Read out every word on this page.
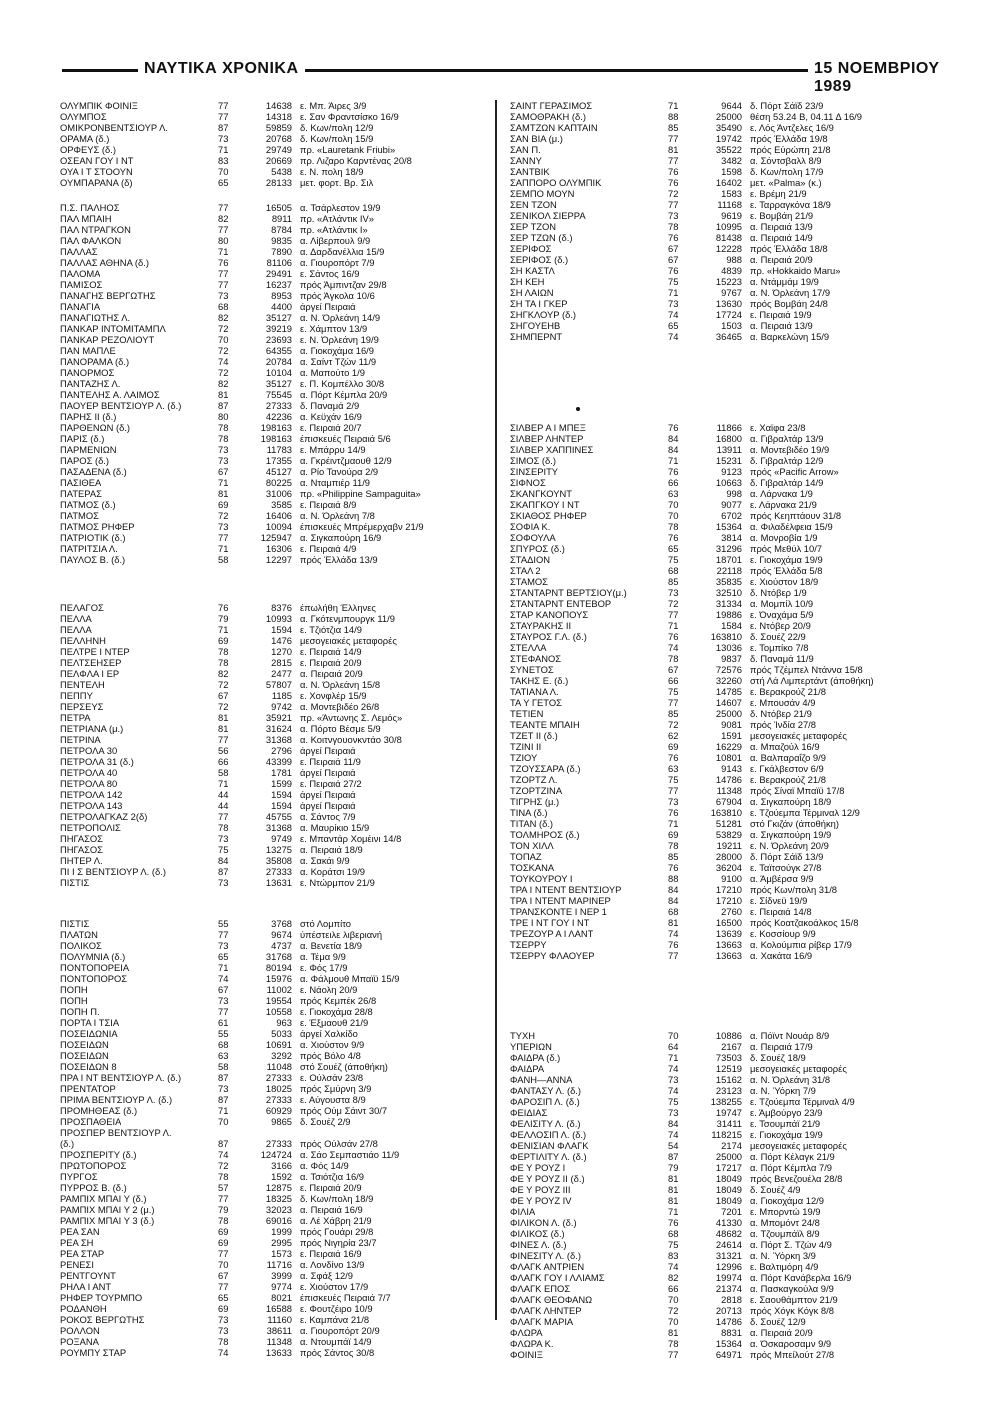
ΝΑΥΤΙΚΑ ΧΡΟΝΙΚΑ	15 ΝΟΕΜΒΡΙΟΥ 1989
ΟΛΥΜΠΙΚ ΦΟΙΝΙΞ	77	14638 ε. Μπ. Άιρες 3/9
ΟΛΥΜΠΟΣ	77	14318 ε. Σαν Φραντσίσκο 16/9
ΟΜΙΚΡΟΝΒΕΝΤΣΙΟΥΡ Λ.	87	59859 δ. Κων/πολη 12/9
ΟΡΑΜΑ (δ.)	73	20768 δ. Κων/πολη 15/9
ΟΡΦΕΥΣ (δ.)	71	29749 πρ. «Lauretank Friubi»
ΟΣΕΑΝ ΓΟΥ Ι ΝΤ	83	20669 πρ. Λιζαρο Καρντένας 20/8
ΟΥΑ Ι Τ ΣΤΟΟΥΝ	70	5438 ε. Ν. πολη 18/9
ΟΥΜΠΑΡΑΝΑ (δ)	65	28133 μετ. φορτ. Βρ. Σιλ
Π.Σ. ΠΑΛΗΟΣ	77	16505 α. Τσάρλεστον 19/9
ΠΑΛ ΜΠΑΙΗ	82	8911 πρ. «Ατλάντικ IV»
ΠΑΛ ΝΤΡΑΓΚΟΝ	77	8784 πρ. «Ατλάντικ I»
ΠΑΛ ΦΑΛΚΟΝ	80	9835 α. Λίβερπουλ 9/9
ΠΑΛΛΑΣ	71	7890 α. Δαρδανέλλια 15/9
ΠΑΛΛΑΣ ΑΘΗΝΑ (δ.)	76	81106 α. Γιουροπόρτ 7/9
ΠΑΛΟΜΑ	77	29491 ε. Σάντος 16/9
ΠΑΜΙΣΟΣ	77	16237 πρός Άμπιντζαν 29/8
ΠΑΝΑΓΗΣ ΒΕΡΓΩΤΗΣ	73	8953 πρός Άγκολα 10/6
ΠΑΝΑΓΙΑ	68	4400 άργεί Πειραιά
ΠΑΝΑΓΙΩΤΗΣ Λ.	82	35127 α. Ν. Όρλεάνη 14/9
ΠΑΝΚΑΡ ΙΝΤΟΜΙΤΑΜΠΛ	72	39219 ε. Χάμπτον 13/9
ΠΑΝΚΑΡ ΡΕΖΟΛΙΟΥΤ	70	23693 ε. Ν. Όρλεάνη 19/9
ΠΑΝ ΜΑΠΛΕ	72	64355 α. Γιοκοχάμα 16/9
ΠΑΝΟΡΑΜΑ (δ.)	74	20784 α. Σαίντ Τζών 11/9
ΠΑΝΟΡΜΟΣ	72	10104 α. Μαπούτο 1/9
ΠΑΝΤΑΖΗΣ Λ.	82	35127 ε. Π. Κομπέλλο 30/8
ΠΑΝΤΕΛΗΣ Α. ΛΑΙΜΟΣ	81	75545 α. Πόρτ Κέμπλα 20/9
ΠΑΟΥΕΡ ΒΕΝΤΣΙΟΥΡ Λ. (δ.)	87	27333 δ. Παναμά 2/9
ΠΑΡΗΣ ΙΙ (δ.)	80	42236 α. Κεϋχάν 16/9
ΠΑΡΘΕΝΩΝ (δ.)	78	198163 ε. Πειραιά 20/7
ΠΑΡΙΣ (δ.)	78	198163 έπισκευές Πειραιά 5/6
ΠΑΡΜΕΝΙΩΝ	73	11783 ε. Μπάρρυ 14/9
ΠΑΡΟΣ (δ.)	73	17355 α. Γκρέιντζμαουθ 12/9
ΠΑΣΑΔΕΝΑ (δ.)	67	45127 α. Ρίο Τανούρα 2/9
ΠΑΣΙΘΕΑ	71	80225 α. Νταμπιέρ 11/9
ΠΑΤΕΡΑΣ	81	31006 πρ. «Philippine Sampaguita»
ΠΑΤΜΟΣ (δ.)	69	3585 ε. Πειραιά 8/9
ΠΑΤΜΟΣ	72	16406 α. Ν. Όρλεάνη 7/8
ΠΑΤΜΟΣ ΡΗΦΕΡ	73	10094 έπισκευές Μπρέμερχαβν 21/9
ΠΑΤΡΙΟΤΙΚ (δ.)	77	125947 α. Σιγκαπούρη 16/9
ΠΑΤΡΙΤΣΙΑ Λ.	71	16306 ε. Πειραιά 4/9
ΠΑΥΛΟΣ Β. (δ.)	58	12297 πρός Έλλάδα 13/9
ΠΕΛΑΓΟΣ	76	8376 έπωλήθη Έλληνες
ΠΕΛΛΑ	79	10993 α. Γκότενμπουργκ 11/9
ΠΕΛΛΑ	71	1594 ε. Τζιότζια 14/9
ΠΕΛΛΗΝΗ	69	1476 μεσογειακές μεταφορές
ΠΕΛΤΡΕ Ι ΝΤΕΡ	78	1270 ε. Πειραιά 14/9
ΠΕΛΤΣΕΗΣΕΡ	78	2815 ε. Πειραιά 20/9
ΠΕΛΦΛΑ Ι ΕΡ	82	2477 α. Πειραιά 20/9
ΠΕΝΤΕΛΗ	72	57807 α. Ν. Όρλεάνη 15/8
ΠΕΠΠΥ	67	1185 ε. Χονφλέρ 15/9
ΠΕΡΣΕΥΣ	72	9742 α. Μοντεβιδέο 26/8
ΠΕΤΡΑ	81	35921 πρ. «Άντωνης Σ. Λεμός»
ΠΕΤΡΙΑΝΑ (μ.)	81	31624 α. Πόρτο Βέσμε 5/9
ΠΕΤΡΙΝΑ	77	31368 α. Κοιτνγουονκντάο 30/8
ΠΕΤΡΟΛΑ 30	56	2796 άργεί Πειραιά
ΠΕΤΡΟΛΑ 31 (δ.)	66	43399 ε. Πειραιά 11/9
ΠΕΤΡΟΛΑ 40	58	1781 άργεί Πειραιά
ΠΕΤΡΟΛΑ 80	71	1599 ε. Πειραιά 27/2
ΠΕΤΡΟΛΑ 142	44	1594 άργεί Πειραιά
ΠΕΤΡΟΛΑ 143	44	1594 άργεί Πειραιά
ΠΕΤΡΟΛΑΓΚΑΖ 2(δ)	77	45755 α. Σάντος 7/9
ΠΕΤΡΟΠΟΛΙΣ	78	31368 α. Μαυρίκιο 15/9
ΠΗΓΑΣΟΣ	73	9749 ε. Μπαντάρ Χομέινι 14/8
ΠΗΓΑΣΟΣ	75	13275 α. Πειραιά 18/9
ΠΗΤΕΡ Λ.	84	35808 α. Σακάι 9/9
ΠΙ Ι Σ ΒΕΝΤΣΙΟΥΡ Λ. (δ.)	87	27333 α. Κοράτσι 19/9
ΠΙΣΤΙΣ	73	13631 ε. Ντώρμπον 21/9
ΠΙΣΤΙΣ	55	3768 στό Λομπίτο
ΠΛΑΤΩΝ	77	9674 ύπέστειλε λιβεριανή
ΠΟΛΙΚΟΣ	73	4737 α. Βενετία 18/9
ΠΟΛΥΜΝΙΑ (δ.)	65	31768 α. Τέμα 9/9
ΠΟΝΤΟΠΟΡΕΙΑ	71	80194 ε. Φός 17/9
ΠΟΝΤΟΠΟΡΟΣ	74	15976 α. Φάλμουθ Μπαϊϋ 15/9
ΠΟΠΗ	67	11002 ε. Νάολη 20/9
ΠΟΠΗ	73	19554 πρός Κεμπέκ 26/8
ΠΟΠΗ Π.	77	10558 ε. Γιοκοχάμα 28/8
ΠΟΡΤΑ Ι ΤΣΙΑ	61	963 ε. Έξμαουθ 21/9
ΠΟΣΕΙΔΩΝΙΑ	55	5033 άργεί Χαλκίδο
ΠΟΣΕΙΔΩΝ	68	10691 α. Χιούστον 9/9
ΠΟΣΕΙΔΩΝ	63	3292 πρός Βόλο 4/8
ΠΟΣΕΙΔΩΝ 8	58	11048 στό Σουέζ (άποθήκη)
ΠΡΑ Ι ΝΤ ΒΕΝΤΣΙΟΥΡ Λ. (δ.)	87	27333 ε. Ούλσάν 23/8
ΠΡΕΝΤΑΤΟΡ	73	18025 πρός Σμύρνη 3/9
ΠΡΙΜΑ ΒΕΝΤΣΙΟΥΡ Λ. (δ.)	87	27333 ε. Αύγουστα 8/9
ΠΡΟΜΗΘΕΑΣ (δ.)	71	60929 πρός Ούμ Σάιντ 30/7
ΠΡΟΣΠΑΘΕΙΑ	70	9865 δ. Σουέζ 2/9
ΠΡΟΣΠΕΡ ΒΕΝΤΣΙΟΥΡ Λ.
(δ.)	87	27333 πρός Ούλσάν 27/8
ΠΡΟΣΠΕΡΙΤΥ (δ.)	74	124724 α. Σάο Σεμπαστιάο 11/9
ΠΡΩΤΟΠΟΡΟΣ	72	3166 α. Φός 14/9
ΠΥΡΓΟΣ	78	1592 α. Τσιότζια 16/9
ΠΥΡΡΟΣ Β. (δ.)	57	12875 ε. Πειραιά 20/9
ΡΑΜΠΙΧ ΜΠΑΙ Υ (δ.)	77	18325 δ. Κων/πολη 18/9
ΡΑΜΠΙΧ ΜΠΑΙ Υ 2 (μ.)	79	32023 α. Πειραιά 16/9
ΡΑΜΠΙΧ ΜΠΑΙ Υ 3 (δ.)	78	69016 α. Λέ Χάβρη 21/9
ΡΕΑ ΣΑΝ	69	1999 πρός Γουάρι 29/8
ΡΕΑ ΣΗ	69	2995 πρός Νιγηρία 23/7
ΡΕΑ ΣΤΑΡ	77	1573 ε. Πειραιά 16/9
ΡΕΝΕΣΙ	70	11716 α. Λονδίνο 13/9
ΡΕΝΤΓΟΥΝΤ	67	3999 α. Σφάξ 12/9
ΡΗΛΑ Ι ΑΝΤ	77	9774 ε. Χιούστον 17/9
ΡΗΦΕΡ ΤΟΥΡΜΠΟ	65	8021 έπισκευές Πειραιά 7/7
ΡΟΔΑΝΘΗ	69	16588 ε. Φουτζέιρο 10/9
ΡΟΚΟΣ ΒΕΡΓΩΤΗΣ	73	11160 ε. Καμπάνα 21/8
ΡΟΛΛΟΝ	73	38611 α. Γιουροπόρτ 20/9
ΡΟΞΑΝΑ	78	11348 α. Ντουμπάϊ 14/9
ΡΟΥΜΠΥ ΣΤΑΡ	74	13633 πρός Σάντος 30/8
ΣΑΙΝΤ ΓΕΡΑΣΙΜΟΣ	71	9644 δ. Πόρτ Σάϊδ 23/9
ΣΑΜΟΘΡΑΚΗ (δ.)	88	25000 θέση 53.24 Β, 04.11 Δ 16/9
ΣΑΜΤΖΩΝ ΚΑΠΤΑΙΝ	85	35490 ε. Λός Άντζελες 16/9
ΣΑΝ ΒΙΑ (μ.)	77	19742 πρός Έλλάδα 19/8
ΣΑΝ Π.	81	35522 πρός Εύρώπη 21/8
ΣΑΝΝΥ	77	3482 α. Σόντσβαλλ 8/9
ΣΑΝΤΒΙΚ	76	1598 δ. Κων/πολη 17/9
ΣΑΠΠΟΡΟ ΟΛΥΜΠΙΚ	76	16402 μετ. «Palma» (κ.)
ΣΕΜΠΟ ΜΟΥΝ	72	1583 ε. Βρέμη 21/9
ΣΕΝ ΤΖΟΝ	77	11168 ε. Ταρραγκόνα 18/9
ΣΕΝΙΚΟΛ ΣΙΕΡΡΑ	73	9619 ε. Βομβάη 21/9
ΣΕΡ ΤΖΟΝ	78	10995 α. Πειραιά 13/9
ΣΕΡ ΤΖΩΝ (δ.)	76	81438 α. Πειραιά 14/9
ΣΕΡΙΦΟΣ	67	12228 πρός Έλλάδα 18/8
ΣΕΡΙΦΟΣ (δ.)	67	988 α. Πειραιά 20/9
ΣΗ ΚΑΣΤΛ	76	4839 πρ. «Hokkaido Maru»
ΣΗ ΚΕΗ	75	15223 α. Ντάμμάμ 19/9
ΣΗ ΛΑΙΩΝ	71	9767 α. Ν. Όρλεάνη 17/9
ΣΗ ΤΑ Ι ΓΚΕΡ	73	13630 πρός Βομβάη 24/8
ΣΗΓΚΛΟΥΡ (δ.)	74	17724 ε. Πειραιά 19/9
ΣΗΓΟΥΕΗΒ	65	1503 α. Πειραιά 13/9
ΣΗΜΠΕΡΝΤ	74	36465 α. Βαρκελώνη 15/9
ΣΙΛΒΕΡ Α Ι ΜΠΕΞ	76	11866 ε. Χαϊφα 23/8
ΣΙΛΒΕΡ ΛΗΝΤΕΡ	84	16800 α. Γιβραλτάρ 13/9
ΣΙΛΒΕΡ ΧΑΠΠΙΝΕΣ	84	13911 α. Μοντεβιδέο 19/9
ΣΙΜΟΣ (δ.)	71	15231 δ. Γιβραλτάρ 12/9
ΣΙΝΣΕΡΙΤΥ	76	9123 πρός «Pacific Arrow»
ΣΙΦΝΟΣ	66	10663 δ. Γιβραλτάρ 14/9
ΣΚΑΝΓΚΟΥΝΤ	63	998 α. Λάρνακα 1/9
ΣΚΑΠΓΚΟΥ Ι ΝΤ	70	9077 ε. Λάρνακα 21/9
ΣΚΙΑΘΟΣ ΡΗΦΕΡ	70	6702 πρός Κεηπτάουν 31/8
ΣΟΦΙΑ Κ.	78	15364 α. Φιλαδέλφεια 15/9
ΣΟΦΟΥΛΑ	76	3814 α. Μονροβία 1/9
ΣΠΥΡΟΣ (δ.)	65	31296 πρός Μεθύλ 10/7
ΣΤΑΔΙΟΝ	75	18701 ε. Γιοκοχάμα 19/9
ΣΤΑΛ 2	68	22118 πρός Έλλάδα 5/8
ΣΤΑΜΟΣ	85	35835 ε. Χιούστον 18/9
ΣΤΑΝΤΑΡΝΤ ΒΕΡΤΣΙΟΥ(μ.)	73	32510 δ. Ντόβερ 1/9
ΣΤΑΝΤΑΡΝΤ ΕΝΤΕΒΟΡ	72	31334 α. Μομπίλ 10/9
ΣΤΑΡ ΚΑΝΟΠΟΥΣ	77	19886 ε. Όναχάμα 5/9
ΣΤΑΥΡΑΚΗΣ ΙΙ	71	1584 ε. Ντόβερ 20/9
ΣΤΑΥΡΟΣ Γ.Λ. (δ.)	76	163810 δ. Σουέζ 22/9
ΣΤΕΛΛΑ	74	13036 ε. Τομπίκο 7/8
ΣΤΕΦΑΝΟΣ	78	9837 δ. Παναμά 11/9
ΣΥΝΕΤΟΣ	67	72576 πρός Τζέμπελ Ντάννα 15/8
ΤΑΚΗΣ Ε. (δ.)	66	32260 στή Λά Λιμπερτάντ (άποθήκη)
ΤΑΤΙΑΝΑ Λ.	75	14785 ε. Βερακρούζ 21/8
ΤΑ Υ ΓΕΤΟΣ	77	14607 ε. Μπουσάν 4/9
ΤΕΤΙΕΝ	85	25000 δ. Ντόβερ 21/9
ΤΕΑΝΤΕ ΜΠΑΙΗ	72	9081 πρός Ίνδία 27/8
ΤΖΕΤ ΙΙ (δ.)	62	1591 μεσογειακές μεταφορές
ΤΖΙΝΙ ΙΙ	69	16229 α. Μπαζούλ 16/9
ΤΖΙΟΥ	76	10801 α. Βαλπαραΐζο 9/9
ΤΖΟΥΣΣΑΡΑ (δ.)	63	9143 ε. Γκάλβεστον 6/9
ΤΖΟΡΤΖ Λ.	75	14786 ε. Βερακρούζ 21/8
ΤΖΟΡΤΖΙΝΑ	77	11348 πρός Σίναϊ Μπαϊϋ 17/8
ΤΙΓΡΗΣ (μ.)	73	67904 α. Σιγκαπούρη 18/9
ΤΙΝΑ (δ.)	76	163810 ε. Τζούεμπα Τέρμιναλ 12/9
ΤΙΤΑΝ (δ.)	71	51281 στό Γκιζάν (άποθήκη)
ΤΟΛΜΗΡΟΣ (δ.)	69	53829 α. Σιγκαπούρη 19/9
ΤΟΝ ΧΙΛΛ	78	19211 ε. Ν. Όρλεάνη 20/9
ΤΟΠΑΖ	85	28000 δ. Πόρτ Σάϊδ 13/9
ΤΟΣΚΑΝΑ	76	36204 ε. Ταϊτσούγκ 27/8
ΤΟΥΚΟΥΡΟΥ Ι	88	9100 α. Άμβέρσα 9/9
ΤΡΑ Ι ΝΤΕΝΤ ΒΕΝΤΣΙΟΥΡ	84	17210 πρός Κων/πολη 31/8
ΤΡΑ Ι ΝΤΕΝΤ ΜΑΡΙΝΕΡ	84	17210 ε. Σίδνεϋ 19/9
ΤΡΑΝΣΚΟΝΤΕ Ι ΝΕΡ 1	68	2760 ε. Πειραιά 14/8
ΤΡΕ Ι ΝΤ ΓΟΥ Ι ΝΤ	81	16500 πρός Κοατζακοάλκος 15/8
ΤΡΕΖΟΥΡ Α Ι ΛΑΝΤ	74	13639 ε. Κοσσίουρ 9/9
ΤΣΕΡΡΥ	76	13663 α. Κολούμπια ρίβερ 17/9
ΤΣΕΡΡΥ ΦΛΑΟΥΕΡ	77	13663 α. Χακάτα 16/9
ΤΥΧΗ	70	10886 α. Πόϊντ Νουάρ 8/9
ΥΠΕΡΙΩΝ	64	2167 α. Πειραιά 17/9
ΦΑΙΔΡΑ (δ.)	71	73503 δ. Σουέζ 18/9
ΦΑΙΔΡΑ	74	12519 μεσογειακές μεταφορές
ΦΑΝΗ—ΑΝΝΑ	73	15162 α. Ν. Όρλεάνη 31/8
ΦΑΝΤΑΣΥ Λ. (δ.)	74	23123 α. Ν. Ύόρκη 7/9
ΦΑΡΟΣΙΠ Λ. (δ.)	75	138255 ε. Τζούεμπα Τέρμιναλ 4/9
ΦΕΙΔΙΑΣ	73	19747 ε. Άμβούργο 23/9
ΦΕΛΙΣΙΤΥ Λ. (δ.)	84	31411 ε. Τσουμπάϊ 21/9
ΦΕΛΛΟΣΙΠ Λ. (δ.)	74	118215 ε. Γιοκοχάμα 19/9
ΦΕΝΙΣΙΑΝ ΦΛΑΓΚ	54	2174 μεσογειακές μεταφορές
ΦΕΡΤΙΛΙΤΥ Λ. (δ.)	87	25000 α. Πόρτ Κέλαγκ 21/9
ΦΕ Υ ΡΟΥΖ Ι	79	17217 α. Πόρτ Κέμπλα 7/9
ΦΕ Υ ΡΟΥΖ ΙΙ (δ.)	81	18049 πρός Βενεζουέλα 28/8
ΦΕ Υ ΡΟΥΖ ΙΙΙ	81	18049 δ. Σουέζ 4/9
ΦΕ Υ ΡΟΥΖ ΙV	81	18049 α. Γιοκοχάμα 12/9
ΦΙΛΙΑ	71	7201 ε. Μπορντώ 19/9
ΦΙΛΙΚΟΝ Λ. (δ.)	76	41330 α. Μπομόντ 24/8
ΦΙΛΙΚΟΣ (δ.)	68	48682 α. Τζουμπάϊλ 8/9
ΦΙΝΕΣ Λ. (δ.)	75	24614 α. Πόρτ Σ. Τζών 4/9
ΦΙΝΕΣΙΤΥ Λ. (δ.)	83	31321 α. Ν. Ύόρκη 3/9
ΦΛΑΓΚ ΑΝΤΡΙΕΝ	74	12996 ε. Βαλτιμόρη 4/9
ΦΛΑΓΚ ΓΟΥ Ι ΛΛΙΑΜΣ	82	19974 α. Πόρτ Κανάβερλα 16/9
ΦΛΑΓΚ ΕΠΟΣ	66	21374 α. Πασκαγκούλα 9/9
ΦΛΑΓΚ ΘΕΟΦΑΝΩ	70	2818 ε. Σαουθάμπτον 21/9
ΦΛΑΓΚ ΛΗΝΤΕΡ	72	20713 πρός Χόγκ Κόγκ 8/8
ΦΛΑΓΚ ΜΑΡΙΑ	70	14786 δ. Σουέζ 12/9
ΦΛΩΡΑ	81	8831 α. Πειραιά 20/9
ΦΛΩΡΑ Κ.	78	15364 α. Όσκαροσαμν 9/9
ΦΟΙΝΙΞ	77	64971 πρός Μπείλούτ 27/8
